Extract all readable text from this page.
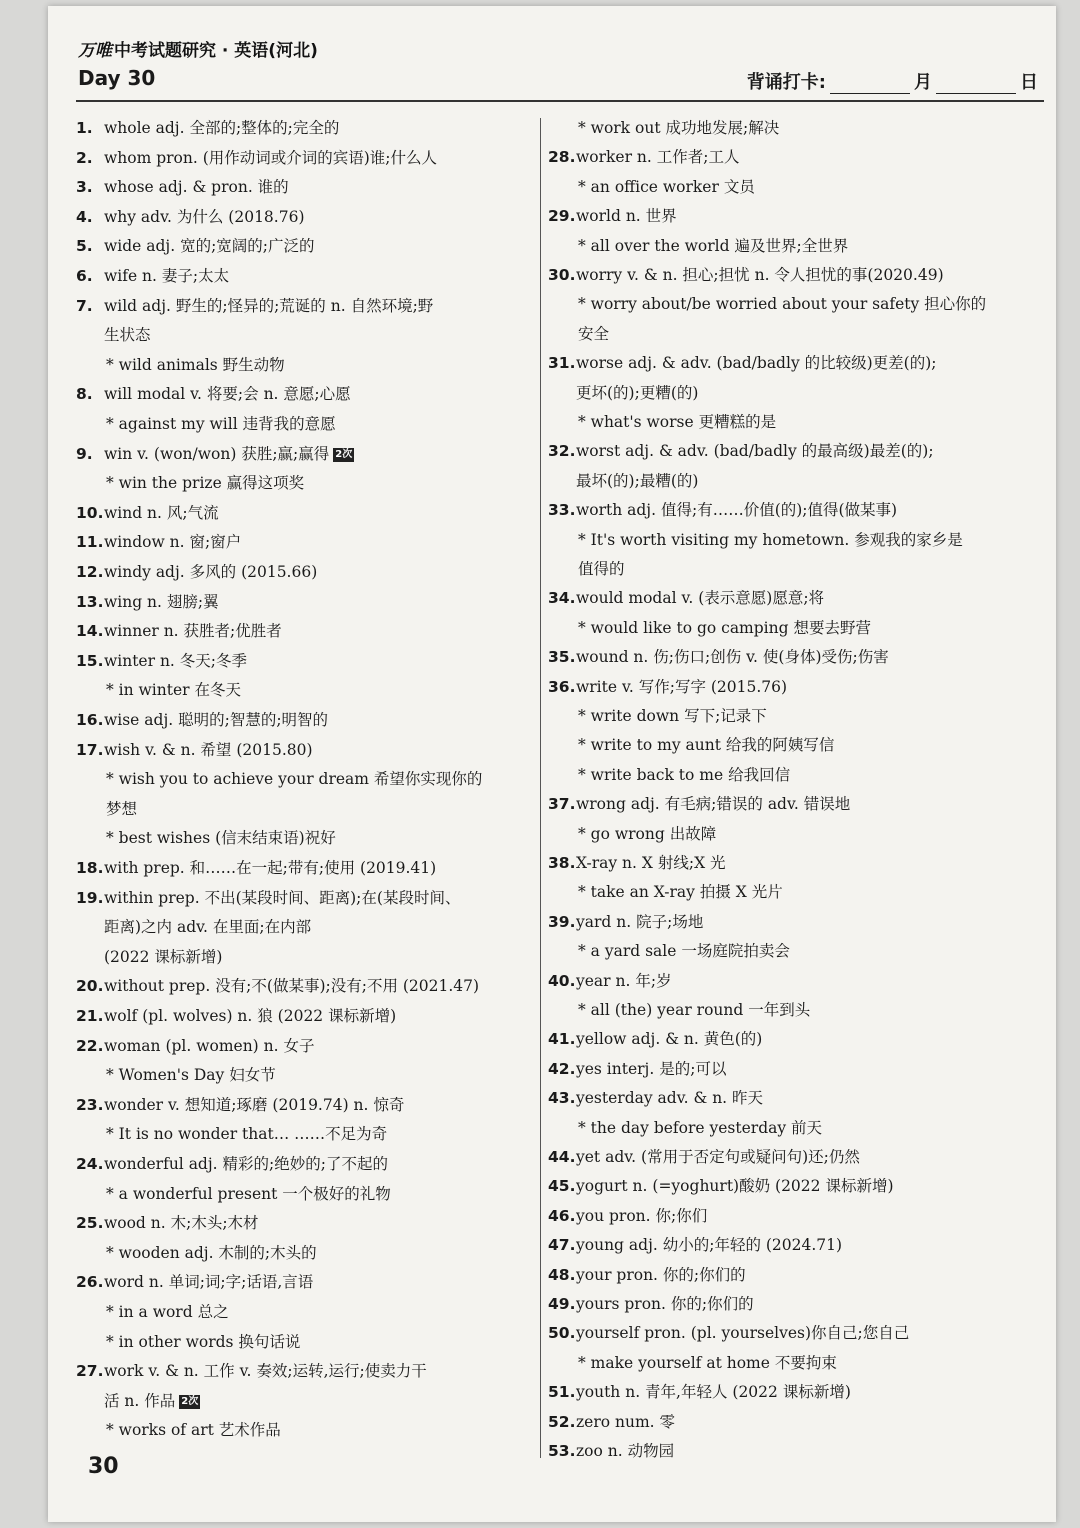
万唯 中考试题研究 · 英语(河北)
Day 30	背诵打卡:	月	日
1. whole adj. 全部的;整体的;完全的
2. whom pron. (用作动词或介词的宾语)谁;什么人
3. whose adj. & pron. 谁的
4. why adv. 为什么 (2018.76)
5. wide adj. 宽的;宽阔的;广泛的
6. wife n. 妻子;太太
7. wild adj. 野生的;怪异的;荒诞的 n. 自然环境;野
生状态
* wild animals 野生动物
8. will modal v. 将要;会 n. 意愿;心愿
* against my will 违背我的意愿
9. win v. (won/won) 获胜;赢;赢得 2次
* win the prize 赢得这项奖
10.wind n. 风;气流
11.window n. 窗;窗户
12.windy adj. 多风的 (2015.66)
13.wing n. 翅膀;翼
14.winner n. 获胜者;优胜者
15.winter n. 冬天;冬季
* in winter 在冬天
16.wise adj. 聪明的;智慧的;明智的
17.wish v. & n. 希望 (2015.80)
* wish you to achieve your dream 希望你实现你的
梦想
* best wishes (信末结束语)祝好
18.with prep. 和……在一起;带有;使用 (2019.41)
19.within prep. 不出(某段时间、距离);在(某段时间、
距离)之内 adv. 在里面;在内部
(2022 课标新增)
20.without prep. 没有;不(做某事);没有;不用 (2021.47)
21.wolf (pl. wolves) n. 狼 (2022 课标新增)
22.woman (pl. women) n. 女子
* Women's Day 妇女节
23.wonder v. 想知道;琢磨 (2019.74) n. 惊奇
* It is no wonder that… ……不足为奇
24.wonderful adj. 精彩的;绝妙的;了不起的
* a wonderful present 一个极好的礼物
25.wood n. 木;木头;木材
* wooden adj. 木制的;木头的
26.word n. 单词;词;字;话语,言语
* in a word 总之
* in other words 换句话说
27.work v. & n. 工作 v. 奏效;运转,运行;使卖力干
活 n. 作品 2次
* works of art 艺术作品
* work out 成功地发展;解决
28.worker n. 工作者;工人
* an office worker 文员
29.world n. 世界
* all over the world 遍及世界;全世界
30.worry v. & n. 担心;担忧 n. 令人担忧的事(2020.49)
* worry about/be worried about your safety 担心你的
安全
31.worse adj. & adv. (bad/badly 的比较级)更差(的);
更坏(的);更糟(的)
* what's worse 更糟糕的是
32.worst adj. & adv. (bad/badly 的最高级)最差(的);
最坏(的);最糟(的)
33.worth adj. 值得;有……价值(的);值得(做某事)
* It's worth visiting my hometown. 参观我的家乡是
值得的
34.would modal v. (表示意愿)愿意;将
* would like to go camping 想要去野营
35.wound n. 伤;伤口;创伤 v. 使(身体)受伤;伤害
36.write v. 写作;写字 (2015.76)
* write down 写下;记录下
* write to my aunt 给我的阿姨写信
* write back to me 给我回信
37.wrong adj. 有毛病;错误的 adv. 错误地
* go wrong 出故障
38.X-ray n. X 射线;X 光
* take an X-ray 拍摄 X 光片
39.yard n. 院子;场地
* a yard sale 一场庭院拍卖会
40.year n. 年;岁
* all (the) year round 一年到头
41.yellow adj. & n. 黄色(的)
42.yes interj. 是的;可以
43.yesterday adv. & n. 昨天
* the day before yesterday 前天
44.yet adv. (常用于否定句或疑问句)还;仍然
45.yogurt n. (=yoghurt)酸奶 (2022 课标新增)
46.you pron. 你;你们
47.young adj. 幼小的;年轻的 (2024.71)
48.your pron. 你的;你们的
49.yours pron. 你的;你们的
50.yourself pron. (pl. yourselves)你自己;您自己
* make yourself at home 不要拘束
51.youth n. 青年,年轻人 (2022 课标新增)
52.zero num. 零
53.zoo n. 动物园
30
